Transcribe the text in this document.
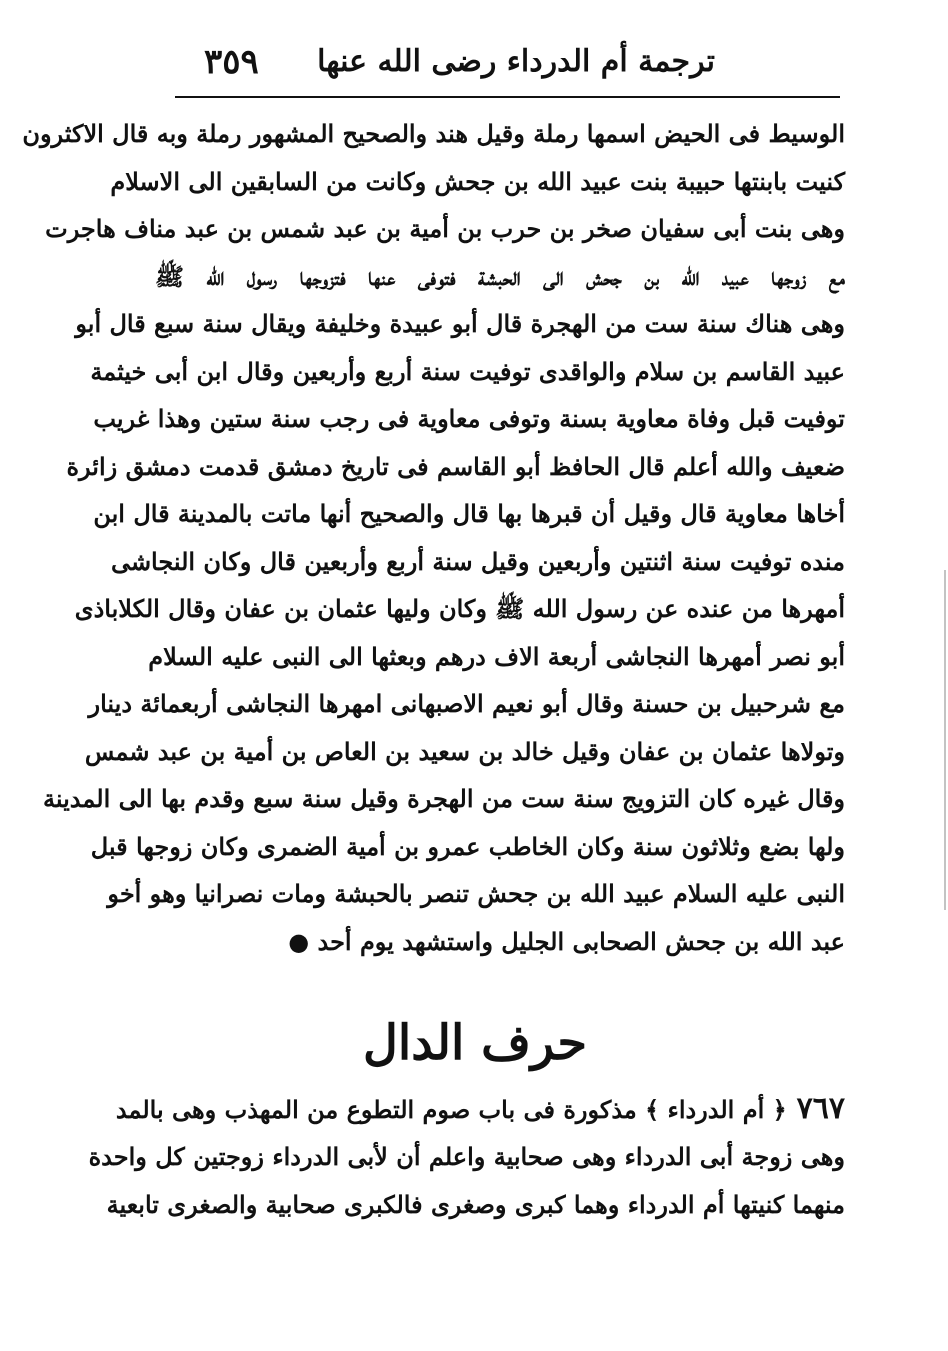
ترجمة أم الدرداء رضى الله عنها
٣٥٩
الوسيط فى الحيض اسمها رملة وقيل هند والصحيح المشهور رملة وبه قال الاكثرون
كنيت بابنتها حبيبة بنت عبيد الله بن جحش وكانت من السابقين الى الاسلام
وهى بنت أبى سفيان صخر بن حرب بن أمية بن عبد شمس بن عبد مناف هاجرت
مع زوجها عبيد الله بن جحش الى الحبشة فتوفى عنها فتزوجها رسول الله ﷺ
وهى هناك سنة ست من الهجرة قال أبو عبيدة وخليفة ويقال سنة سبع قال أبو
عبيد القاسم بن سلام والواقدى توفيت سنة أربع وأربعين وقال ابن أبى خيثمة
توفيت قبل وفاة معاوية بسنة وتوفى معاوية فى رجب سنة ستين وهذا غريب
ضعيف والله أعلم قال الحافظ أبو القاسم فى تاريخ دمشق قدمت دمشق زائرة
أخاها معاوية قال وقيل أن قبرها بها قال والصحيح أنها ماتت بالمدينة قال ابن
منده توفيت سنة اثنتين وأربعين وقيل سنة أربع وأربعين قال وكان النجاشى
أمهرها من عنده عن رسول الله ﷺ وكان وليها عثمان بن عفان وقال الكلاباذى
أبو نصر أمهرها النجاشى أربعة الاف درهم وبعثها الى النبى عليه السلام
مع شرحبيل بن حسنة وقال أبو نعيم الاصبهانى امهرها النجاشى أربعمائة دينار
وتولاها عثمان بن عفان وقيل خالد بن سعيد بن العاص بن أمية بن عبد شمس
وقال غيره كان التزويج سنة ست من الهجرة وقيل سنة سبع وقدم بها الى المدينة
ولها بضع وثلاثون سنة وكان الخاطب عمرو بن أمية الضمرى وكان زوجها قبل
النبى عليه السلام عبيد الله بن جحش تنصر بالحبشة ومات نصرانيا وهو أخو
عبد الله بن جحش الصحابى الجليل واستشهد يوم أحد ●
حرف الدال
٧٦٧﴿ أم الدرداء ﴾ مذكورة فى باب صوم التطوع من المهذب وهى بالمد
وهى زوجة أبى الدرداء وهى صحابية واعلم أن لأبى الدرداء زوجتين كل واحدة
منهما كنيتها أم الدرداء وهما كبرى وصغرى فالكبرى صحابية والصغرى تابعية
